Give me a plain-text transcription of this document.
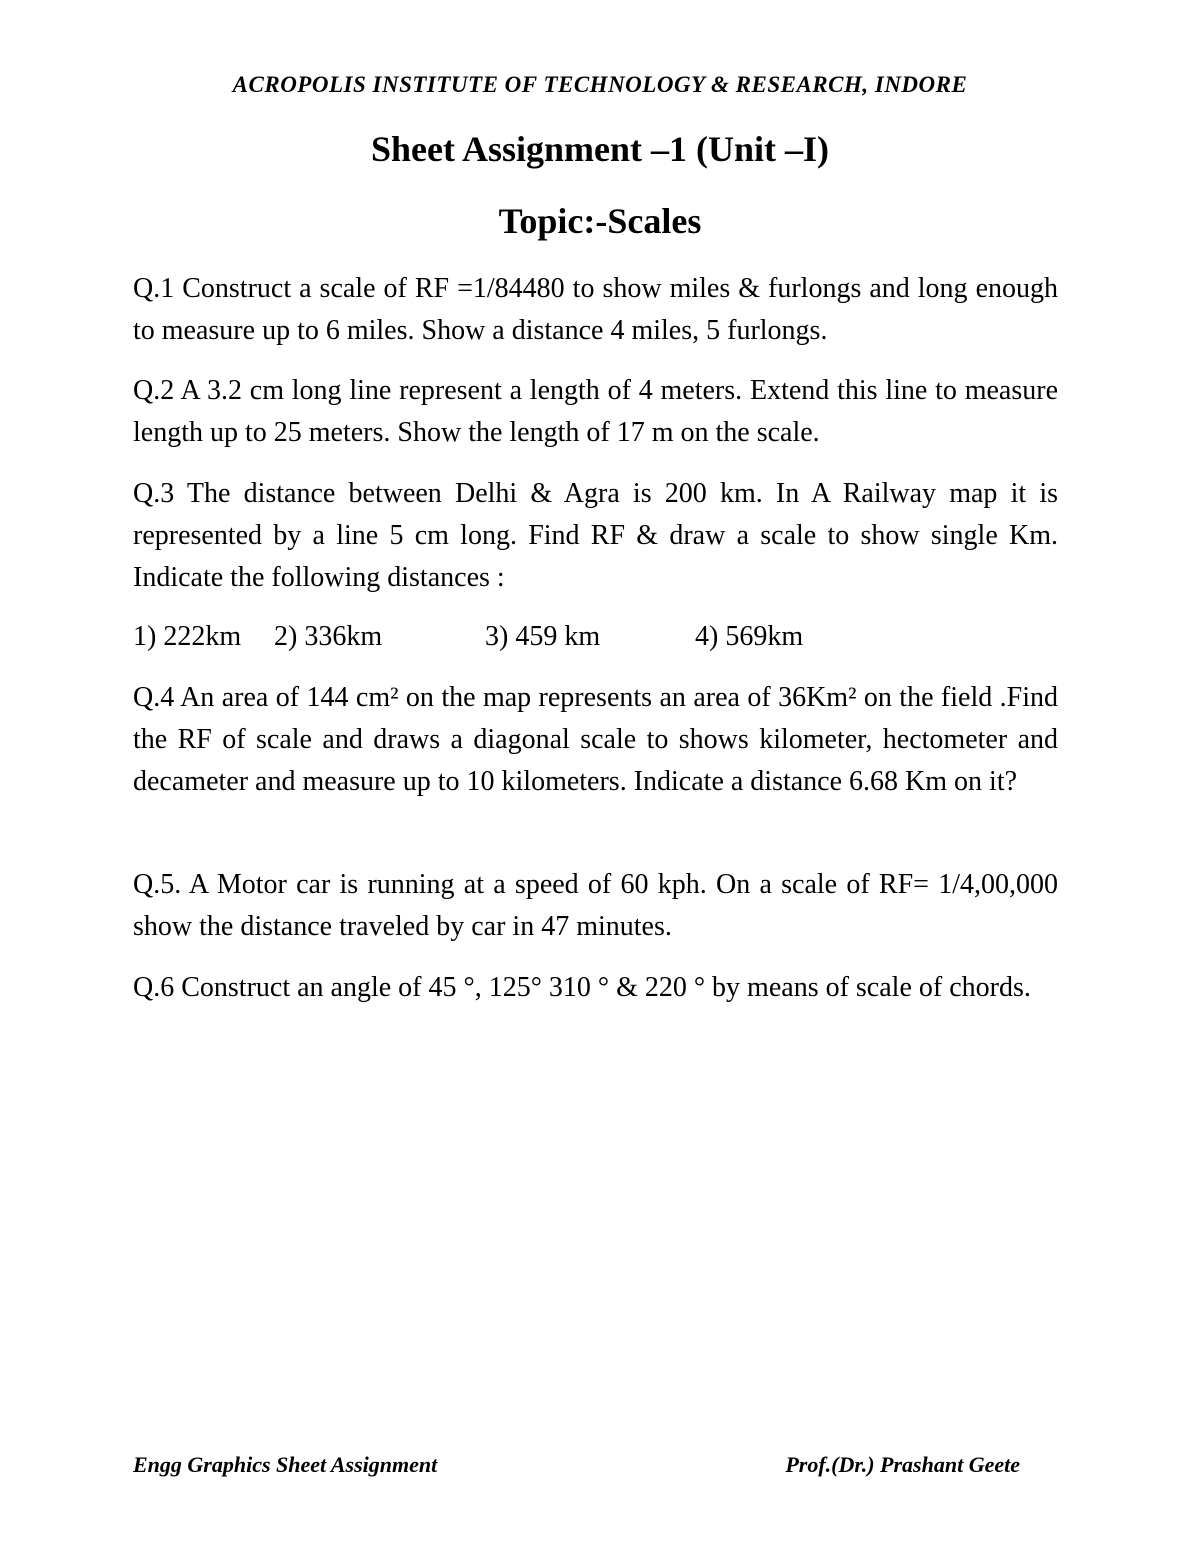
ACROPOLIS INSTITUTE OF TECHNOLOGY & RESEARCH, INDORE
Sheet Assignment –1 (Unit –I)
Topic:-Scales
Q.1 Construct a scale of RF =1/84480 to show miles & furlongs and long enough to measure up to 6 miles. Show a distance 4 miles, 5 furlongs.
Q.2 A 3.2 cm long line represent a length of 4 meters. Extend this line to measure length up to 25 meters. Show the length of 17 m on the scale.
Q.3 The distance between Delhi & Agra is 200 km. In A Railway map it is represented by a line 5 cm long. Find RF & draw a scale to show single Km. Indicate the following distances :
1) 222km 2) 336km	3) 459 km	4) 569km
Q.4 An area of 144 cm² on the map represents an area of 36Km² on the field .Find the RF of scale and draws a diagonal scale to shows kilometer, hectometer and decameter and measure up to 10 kilometers. Indicate a distance 6.68 Km on it?
Q.5. A Motor car is running at a speed of 60 kph. On a scale of RF= 1/4,00,000 show the distance traveled by car in 47 minutes.
Q.6 Construct an angle of 45 °, 125° 310 ° & 220 ° by means of scale of chords.
Engg Graphics Sheet Assignment	Prof.(Dr.) Prashant Geete
